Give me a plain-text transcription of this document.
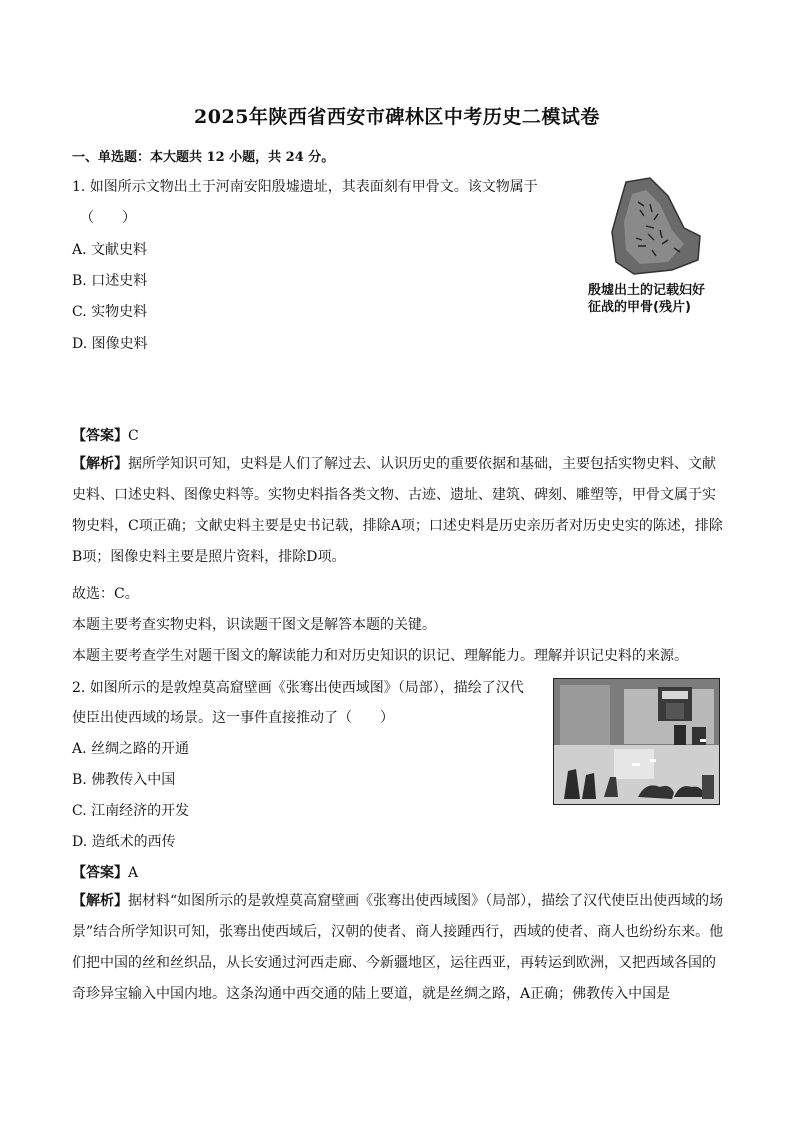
2025年陕西省西安市碑林区中考历史二模试卷
一、单选题：本大题共 12 小题，共 24 分。
1. 如图所示文物出土于河南安阳殷墟遗址，其表面刻有甲骨文。该文物属于
（　　）
A. 文献史料
B. 口述史料
C. 实物史料
D. 图像史料
殷墟出土的记载妇好
征战的甲骨(残片)
【答案】C
【解析】据所学知识可知，史料是人们了解过去、认识历史的重要依据和基础，主要包括实物史料、文献史料、口述史料、图像史料等。实物史料指各类文物、古迹、遗址、建筑、碑刻、雕塑等，甲骨文属于实物史料，C项正确；文献史料主要是史书记载，排除A项；口述史料是历史亲历者对历史史实的陈述，排除B项；图像史料主要是照片资料，排除D项。
故选：C。
本题主要考查实物史料，识读题干图文是解答本题的关键。
本题主要考查学生对题干图文的解读能力和对历史知识的识记、理解能力。理解并识记史料的来源。
2. 如图所示的是敦煌莫高窟壁画《张骞出使西域图》（局部），描绘了汉代
使臣出使西域的场景。这一事件直接推动了（　　）
A. 丝绸之路的开通
B. 佛教传入中国
C. 江南经济的开发
D. 造纸术的西传
【答案】A
【解析】据材料“如图所示的是敦煌莫高窟壁画《张骞出使西域图》（局部），描绘了汉代使臣出使西域的场景”结合所学知识可知，张骞出使西域后，汉朝的使者、商人接踵西行，西域的使者、商人也纷纷东来。他们把中国的丝和丝织品，从长安通过河西走廊、今新疆地区，运往西亚，再转运到欧洲，又把西域各国的奇珍异宝输入中国内地。这条沟通中西交通的陆上要道，就是丝绸之路，A正确；佛教传入中国是
